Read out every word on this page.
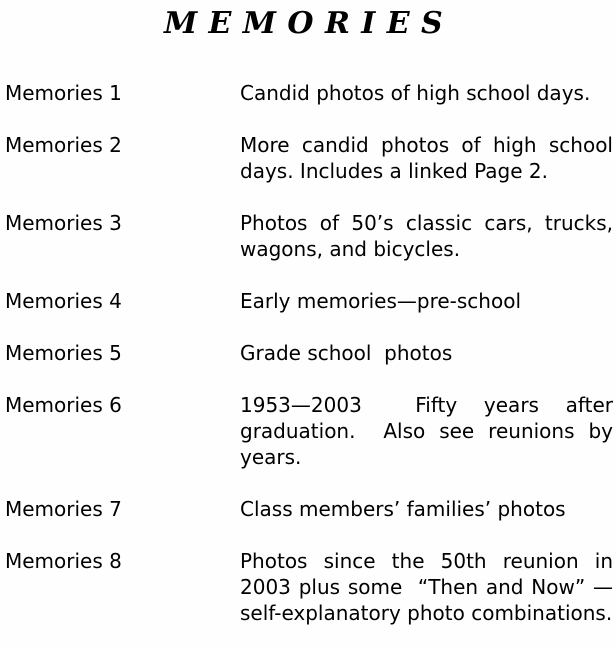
MEMORIES
Memories 1	Candid photos of high school days.
Memories 2	More candid photos of high school days. Includes a linked Page 2.
Memories 3	Photos of 50’s classic cars, trucks, wagons, and bicycles.
Memories 4	Early memories—pre-school
Memories 5	Grade school  photos
Memories 6	1953—2003  Fifty years after graduation.  Also see reunions by years.
Memories 7	Class members’ families’ photos
Memories 8	Photos since the 50th reunion in 2003 plus some  “Then and Now” — self-explanatory photo combinations.
